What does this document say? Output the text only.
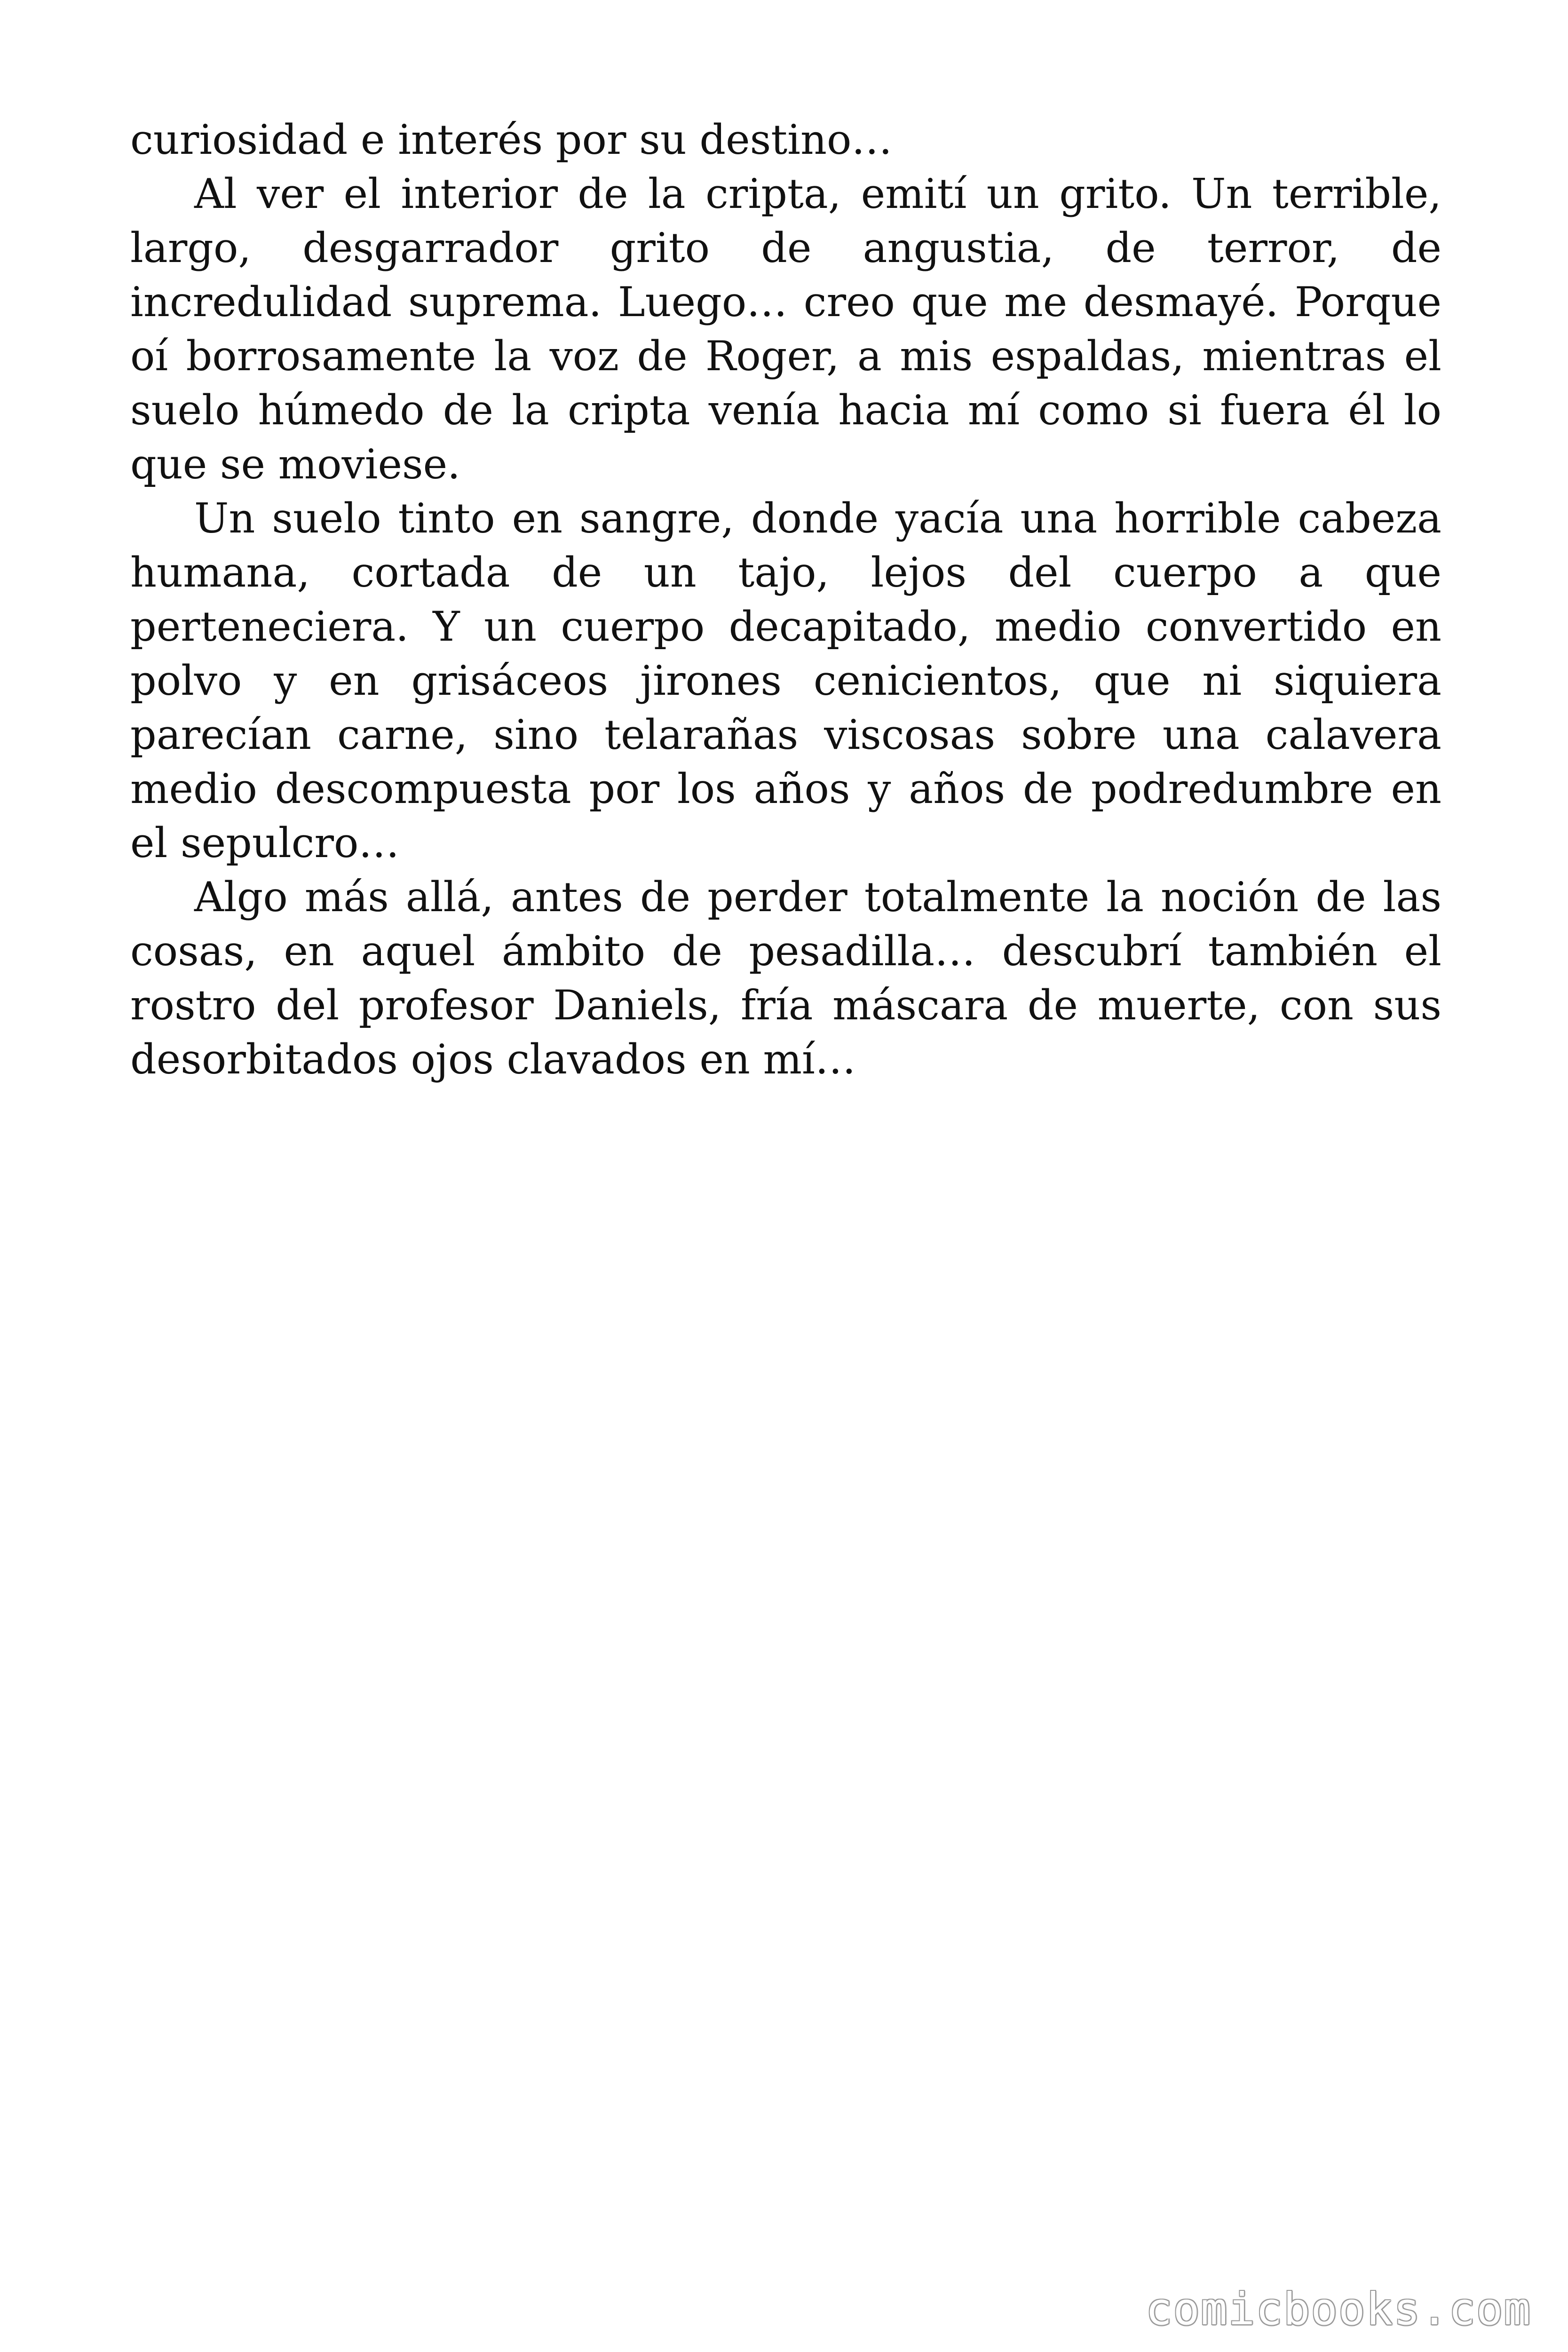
curiosidad e interés por su destino…

Al ver el interior de la cripta, emití un grito. Un terrible, largo, desgarrador grito de angustia, de terror, de incredulidad suprema. Luego… creo que me desmayé. Porque oí borrosamente la voz de Roger, a mis espaldas, mientras el suelo húmedo de la cripta venía hacia mí como si fuera él lo que se moviese.

Un suelo tinto en sangre, donde yacía una horrible cabeza humana, cortada de un tajo, lejos del cuerpo a que perteneciera. Y un cuerpo decapitado, medio convertido en polvo y en grisáceos jirones cenicientos, que ni siquiera parecían carne, sino telarañas viscosas sobre una calavera medio descompuesta por los años y años de podredumbre en el sepulcro…

Algo más allá, antes de perder totalmente la noción de las cosas, en aquel ámbito de pesadilla… descubrí también el rostro del profesor Daniels, fría máscara de muerte, con sus desorbitados ojos clavados en mí…

comicbooks.com
